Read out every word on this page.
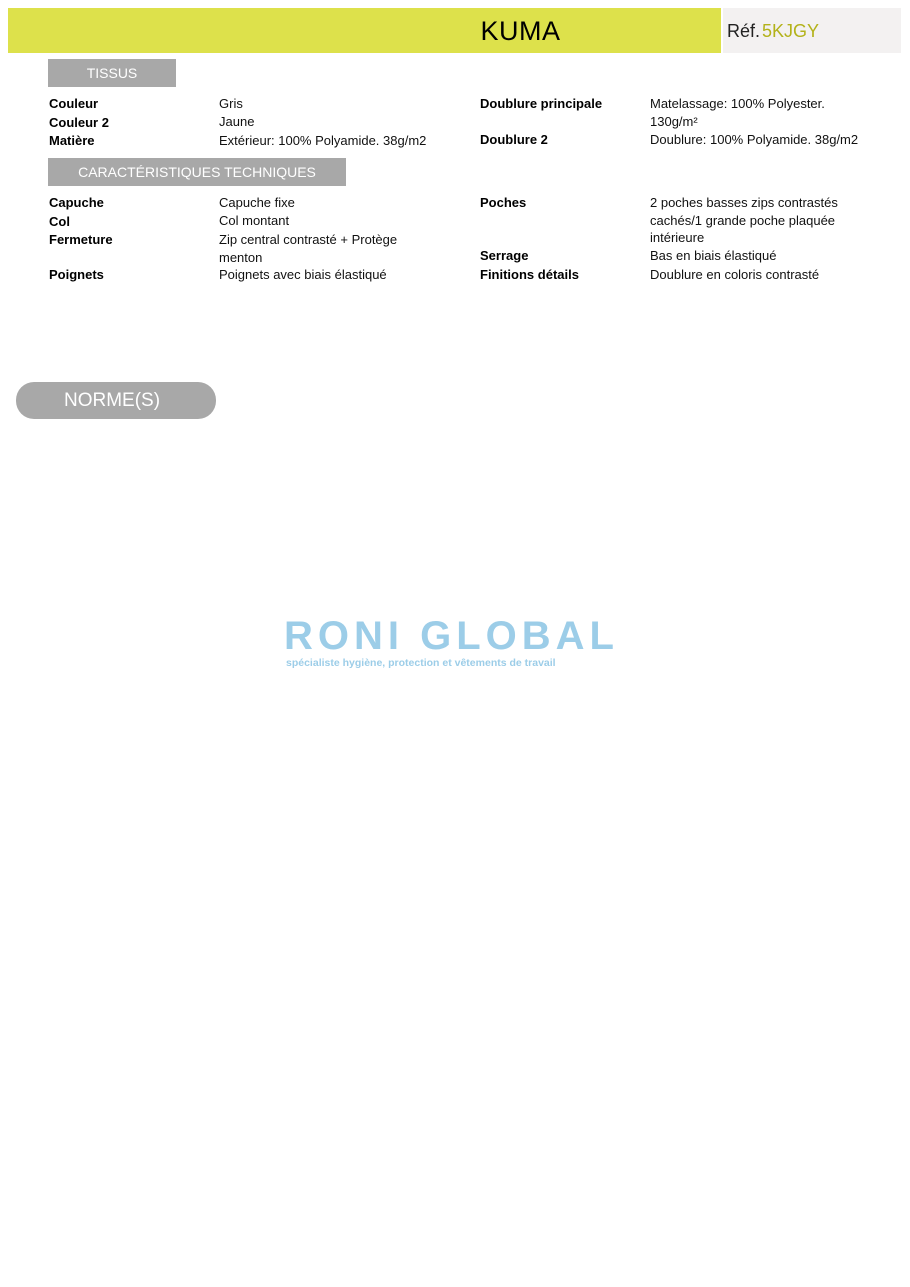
KUMA	Réf. 5KJGY
TISSUS
Couleur	Gris
Couleur 2	Jaune
Matière	Extérieur: 100% Polyamide. 38g/m2
Doublure principale	Matelassage: 100% Polyester. 130g/m²
Doublure 2	Doublure: 100% Polyamide. 38g/m2
CARACTÉRISTIQUES TECHNIQUES
Capuche	Capuche fixe
Col	Col montant
Fermeture	Zip central contrasté + Protège menton
Poignets	Poignets avec biais élastiqué
Poches	2 poches basses zips contrastés cachés/1 grande poche plaquée intérieure
Serrage	Bas en biais élastiqué
Finitions détails	Doublure en coloris contrasté
NORME(S)
RONI GLOBAL
spécialiste hygiène, protection et vêtements de travail
